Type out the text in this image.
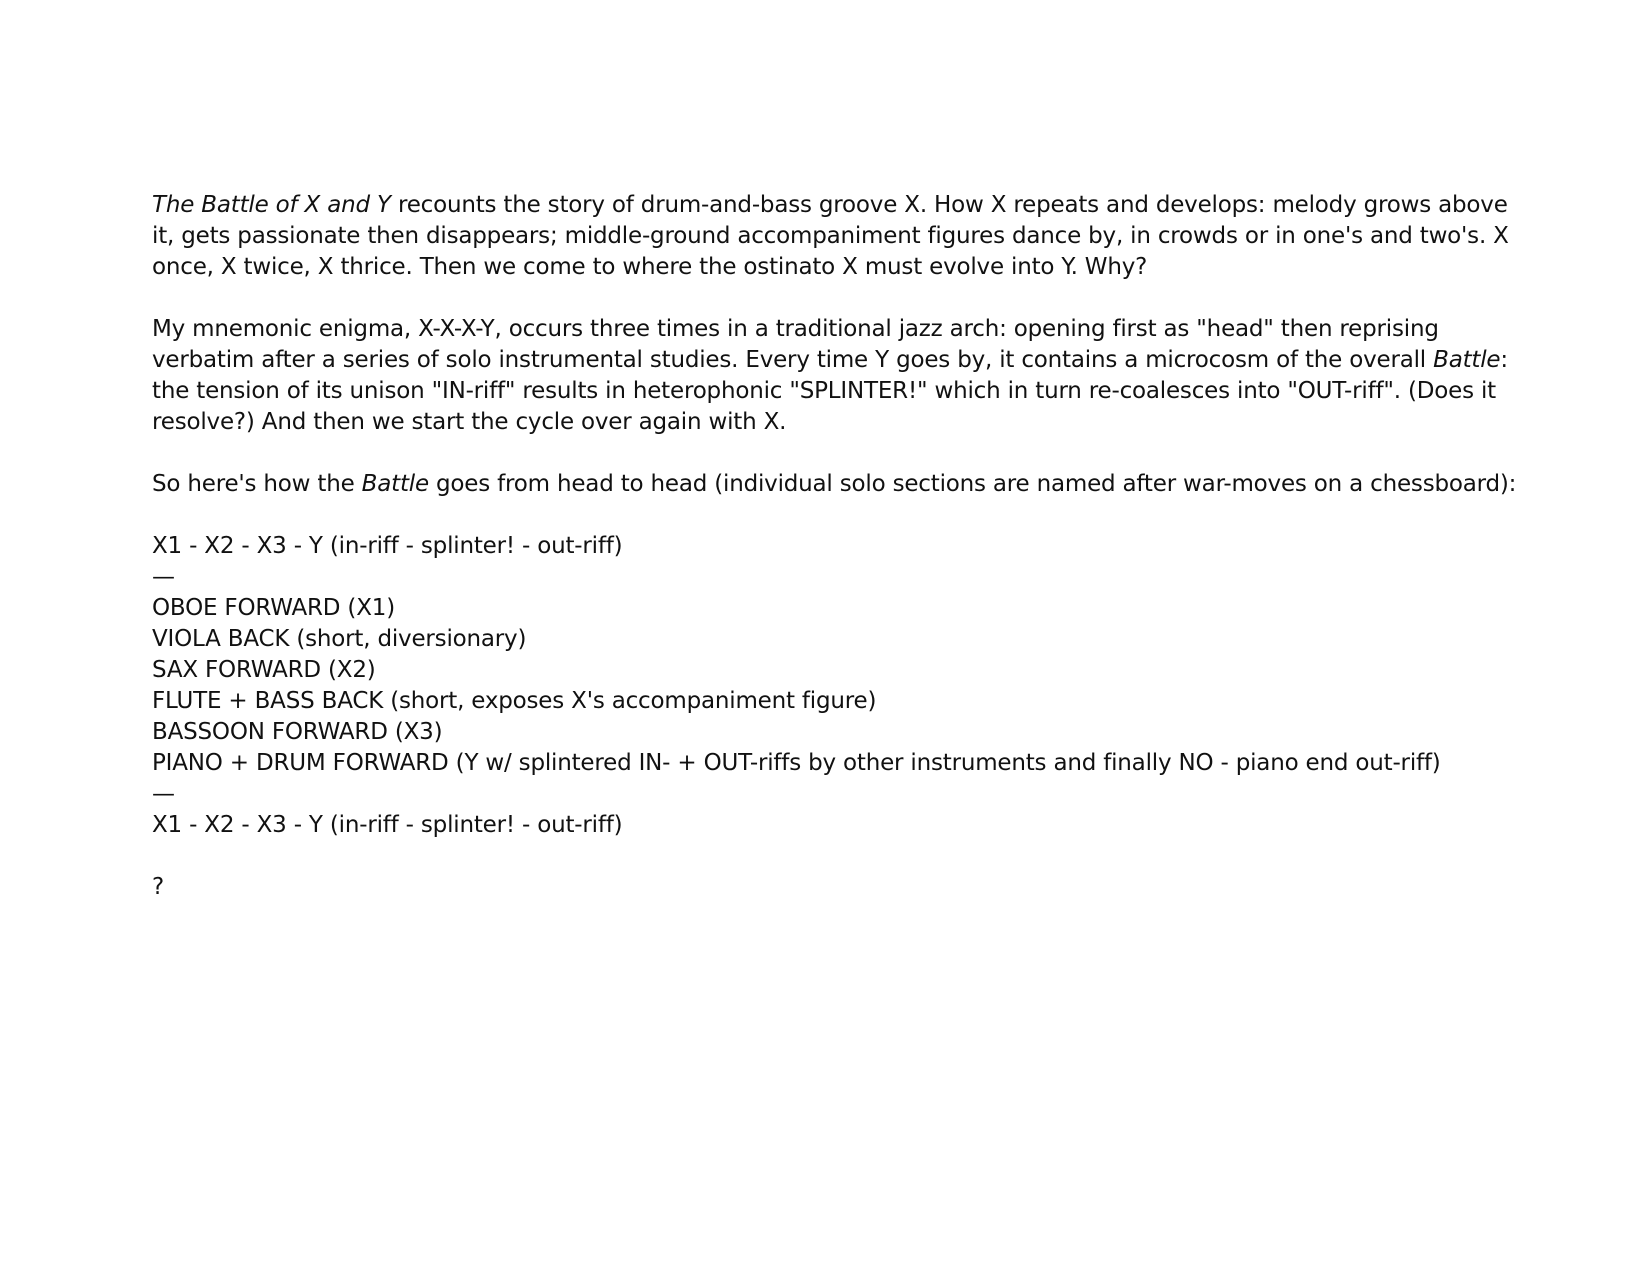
The Battle of X and Y recounts the story of drum-and-bass groove X. How X repeats and develops: melody grows above it, gets passionate then disappears; middle-ground accompaniment figures dance by, in crowds or in one's and two's. X once, X twice, X thrice. Then we come to where the ostinato X must evolve into Y. Why?

My mnemonic enigma, X-X-X-Y, occurs three times in a traditional jazz arch: opening first as "head" then reprising verbatim after a series of solo instrumental studies. Every time Y goes by, it contains a microcosm of the overall Battle: the tension of its unison "IN-riff" results in heterophonic "SPLINTER!" which in turn re-coalesces into "OUT-riff". (Does it resolve?) And then we start the cycle over again with X.

So here's how the Battle goes from head to head (individual solo sections are named after war-moves on a chessboard):

X1 - X2 - X3 - Y (in-riff - splinter! - out-riff)
—
OBOE FORWARD (X1)
VIOLA BACK (short, diversionary)
SAX FORWARD (X2)
FLUTE + BASS BACK (short, exposes X's accompaniment figure)
BASSOON FORWARD (X3)
PIANO + DRUM FORWARD (Y w/ splintered IN- + OUT-riffs by other instruments and finally NO - piano end out-riff)
—
X1 - X2 - X3 - Y (in-riff - splinter! - out-riff)
?
